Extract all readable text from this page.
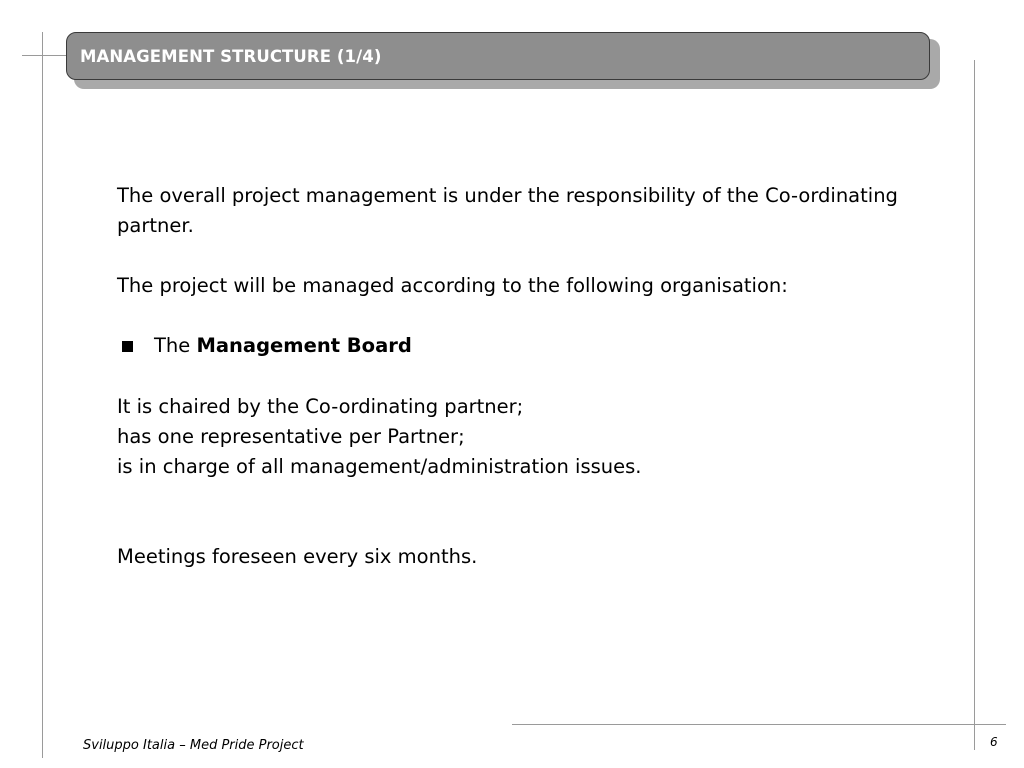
MANAGEMENT STRUCTURE (1/4)
The overall project management is under the responsibility of the Co-ordinating
partner.
The project will be managed according to the following organisation:
The Management Board
It is chaired by the Co-ordinating partner;
has one representative per Partner;
is in charge of all management/administration issues.
Meetings foreseen every six months.
Sviluppo Italia – Med Pride Project	6
